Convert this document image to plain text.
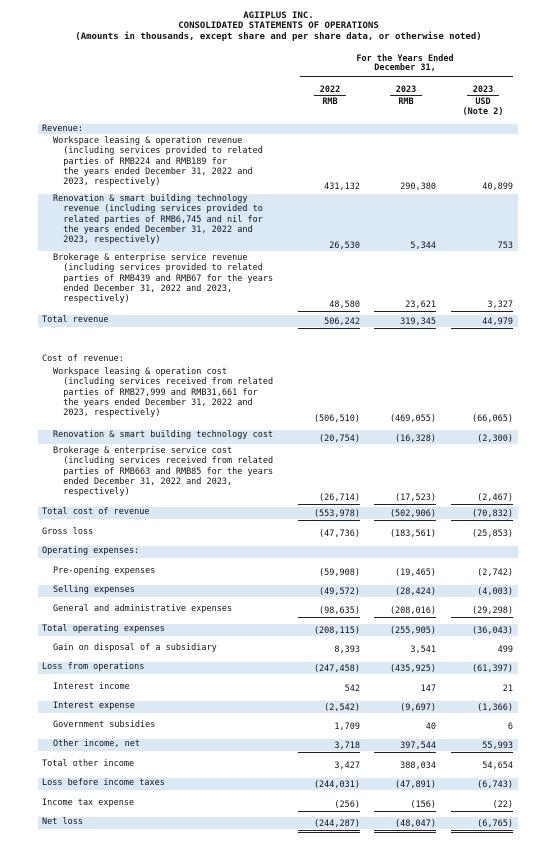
AGIIPLUS INC.
CONSOLIDATED STATEMENTS OF OPERATIONS
(Amounts in thousands, except share and per share data, or otherwise noted)
For the Years Ended
December 31,
2022
RMB
2023
RMB
2023
USD
(Note 2)
Revenue:
Workspace leasing & operation revenue
(including services provided to related
parties of RMB224 and RMB189 for
the years ended December 31, 2022 and
2023, respectively)	431,132	290,380	40,899
Renovation & smart building technology
revenue (including services provided to
related parties of RMB6,745 and nil for
the years ended December 31, 2022 and
2023, respectively)
26,530	5,344	753
Brokerage & enterprise service revenue
(including services provided to related
parties of RMB439 and RMB67 for the years
ended December 31, 2022 and 2023,
respectively)
48,580	23,621	3,327
Total revenue	506,242	319,345	44,979
Cost of revenue:
Workspace leasing & operation cost
(including services received from related
parties of RMB27,999 and RMB31,661 for
the years ended December 31, 2022 and
2023, respectively)
(506,510)	(469,055)	(66,065)
Renovation & smart building technology cost	(20,754)	(16,328)	(2,300)
Brokerage & enterprise service cost
(including services received from related
parties of RMB663 and RMB85 for the years
ended December 31, 2022 and 2023,
respectively)
(26,714)	(17,523)	(2,467)
Total cost of revenue	(553,978)	(502,906)	(70,832)
Gross loss	(47,736)	(183,561)	(25,853)
Operating expenses:
Pre-opening expenses	(59,908)	(19,465)	(2,742)
Selling expenses	(49,572)	(28,424)	(4,003)
General and administrative expenses	(98,635)	(208,016)	(29,298)
Total operating expenses	(208,115)	(255,905)	(36,043)
Gain on disposal of a subsidiary	8,393	3,541	499
Loss from operations	(247,458)	(435,925)	(61,397)
Interest income	542	147	21
Interest expense	(2,542)	(9,697)	(1,366)
Government subsidies	1,709	40	6
Other income, net	3,718	397,544	55,993
Total other income	3,427	388,034	54,654
Loss before income taxes	(244,031)	(47,891)	(6,743)
Income tax expense	(256)	(156)	(22)
Net loss	(244,287)	(48,047)	(6,765)
